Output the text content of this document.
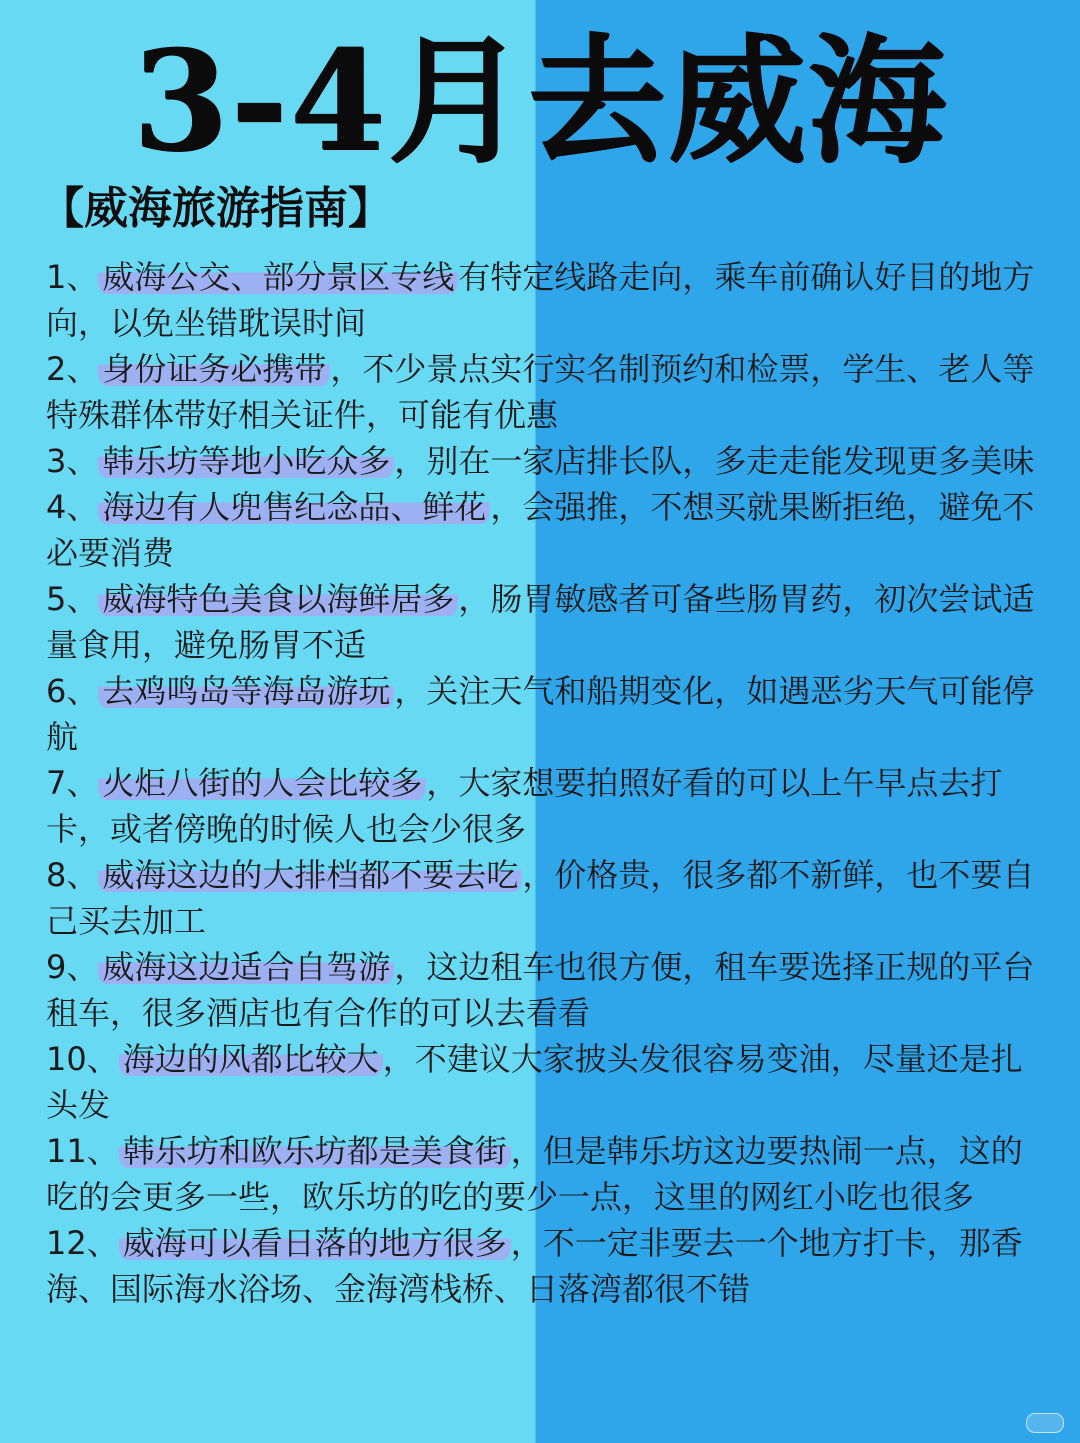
3-4月去威海
【威海旅游指南】
1、 威海公交、部分景区专线 有特定线路走向，乘车前确认好目的地方向，以免坐错耽误时间
2、 身份证务必携带 ，不少景点实行实名制预约和检票，学生、老人等特殊群体带好相关证件，可能有优惠
3、 韩乐坊等地小吃众多 ，别在一家店排长队，多走走能发现更多美味
4、 海边有人兜售纪念品、鲜花 ，会强推，不想买就果断拒绝，避免不必要消费
5、 威海特色美食以海鲜居多 ，肠胃敏感者可备些肠胃药，初次尝试适量食用，避免肠胃不适
6、 去鸡鸣岛等海岛游玩 ，关注天气和船期变化，如遇恶劣天气可能停航
7、 火炬八街的人会比较多 ，大家想要拍照好看的可以上午早点去打卡，或者傍晚的时候人也会少很多
8、 威海这边的大排档都不要去吃 ，价格贵，很多都不新鲜，也不要自己买去加工
9、 威海这边适合自驾游 ，这边租车也很方便，租车要选择正规的平台租车，很多酒店也有合作的可以去看看
10、 海边的风都比较大 ，不建议大家披头发很容易变油，尽量还是扎头发
11、 韩乐坊和欧乐坊都是美食街 ，但是韩乐坊这边要热闹一点，这的吃的会更多一些，欧乐坊的吃的要少一点，这里的网红小吃也很多
12、 威海可以看日落的地方很多 ，不一定非要去一个地方打卡，那香海、国际海水浴场、金海湾栈桥、日落湾都很不错
